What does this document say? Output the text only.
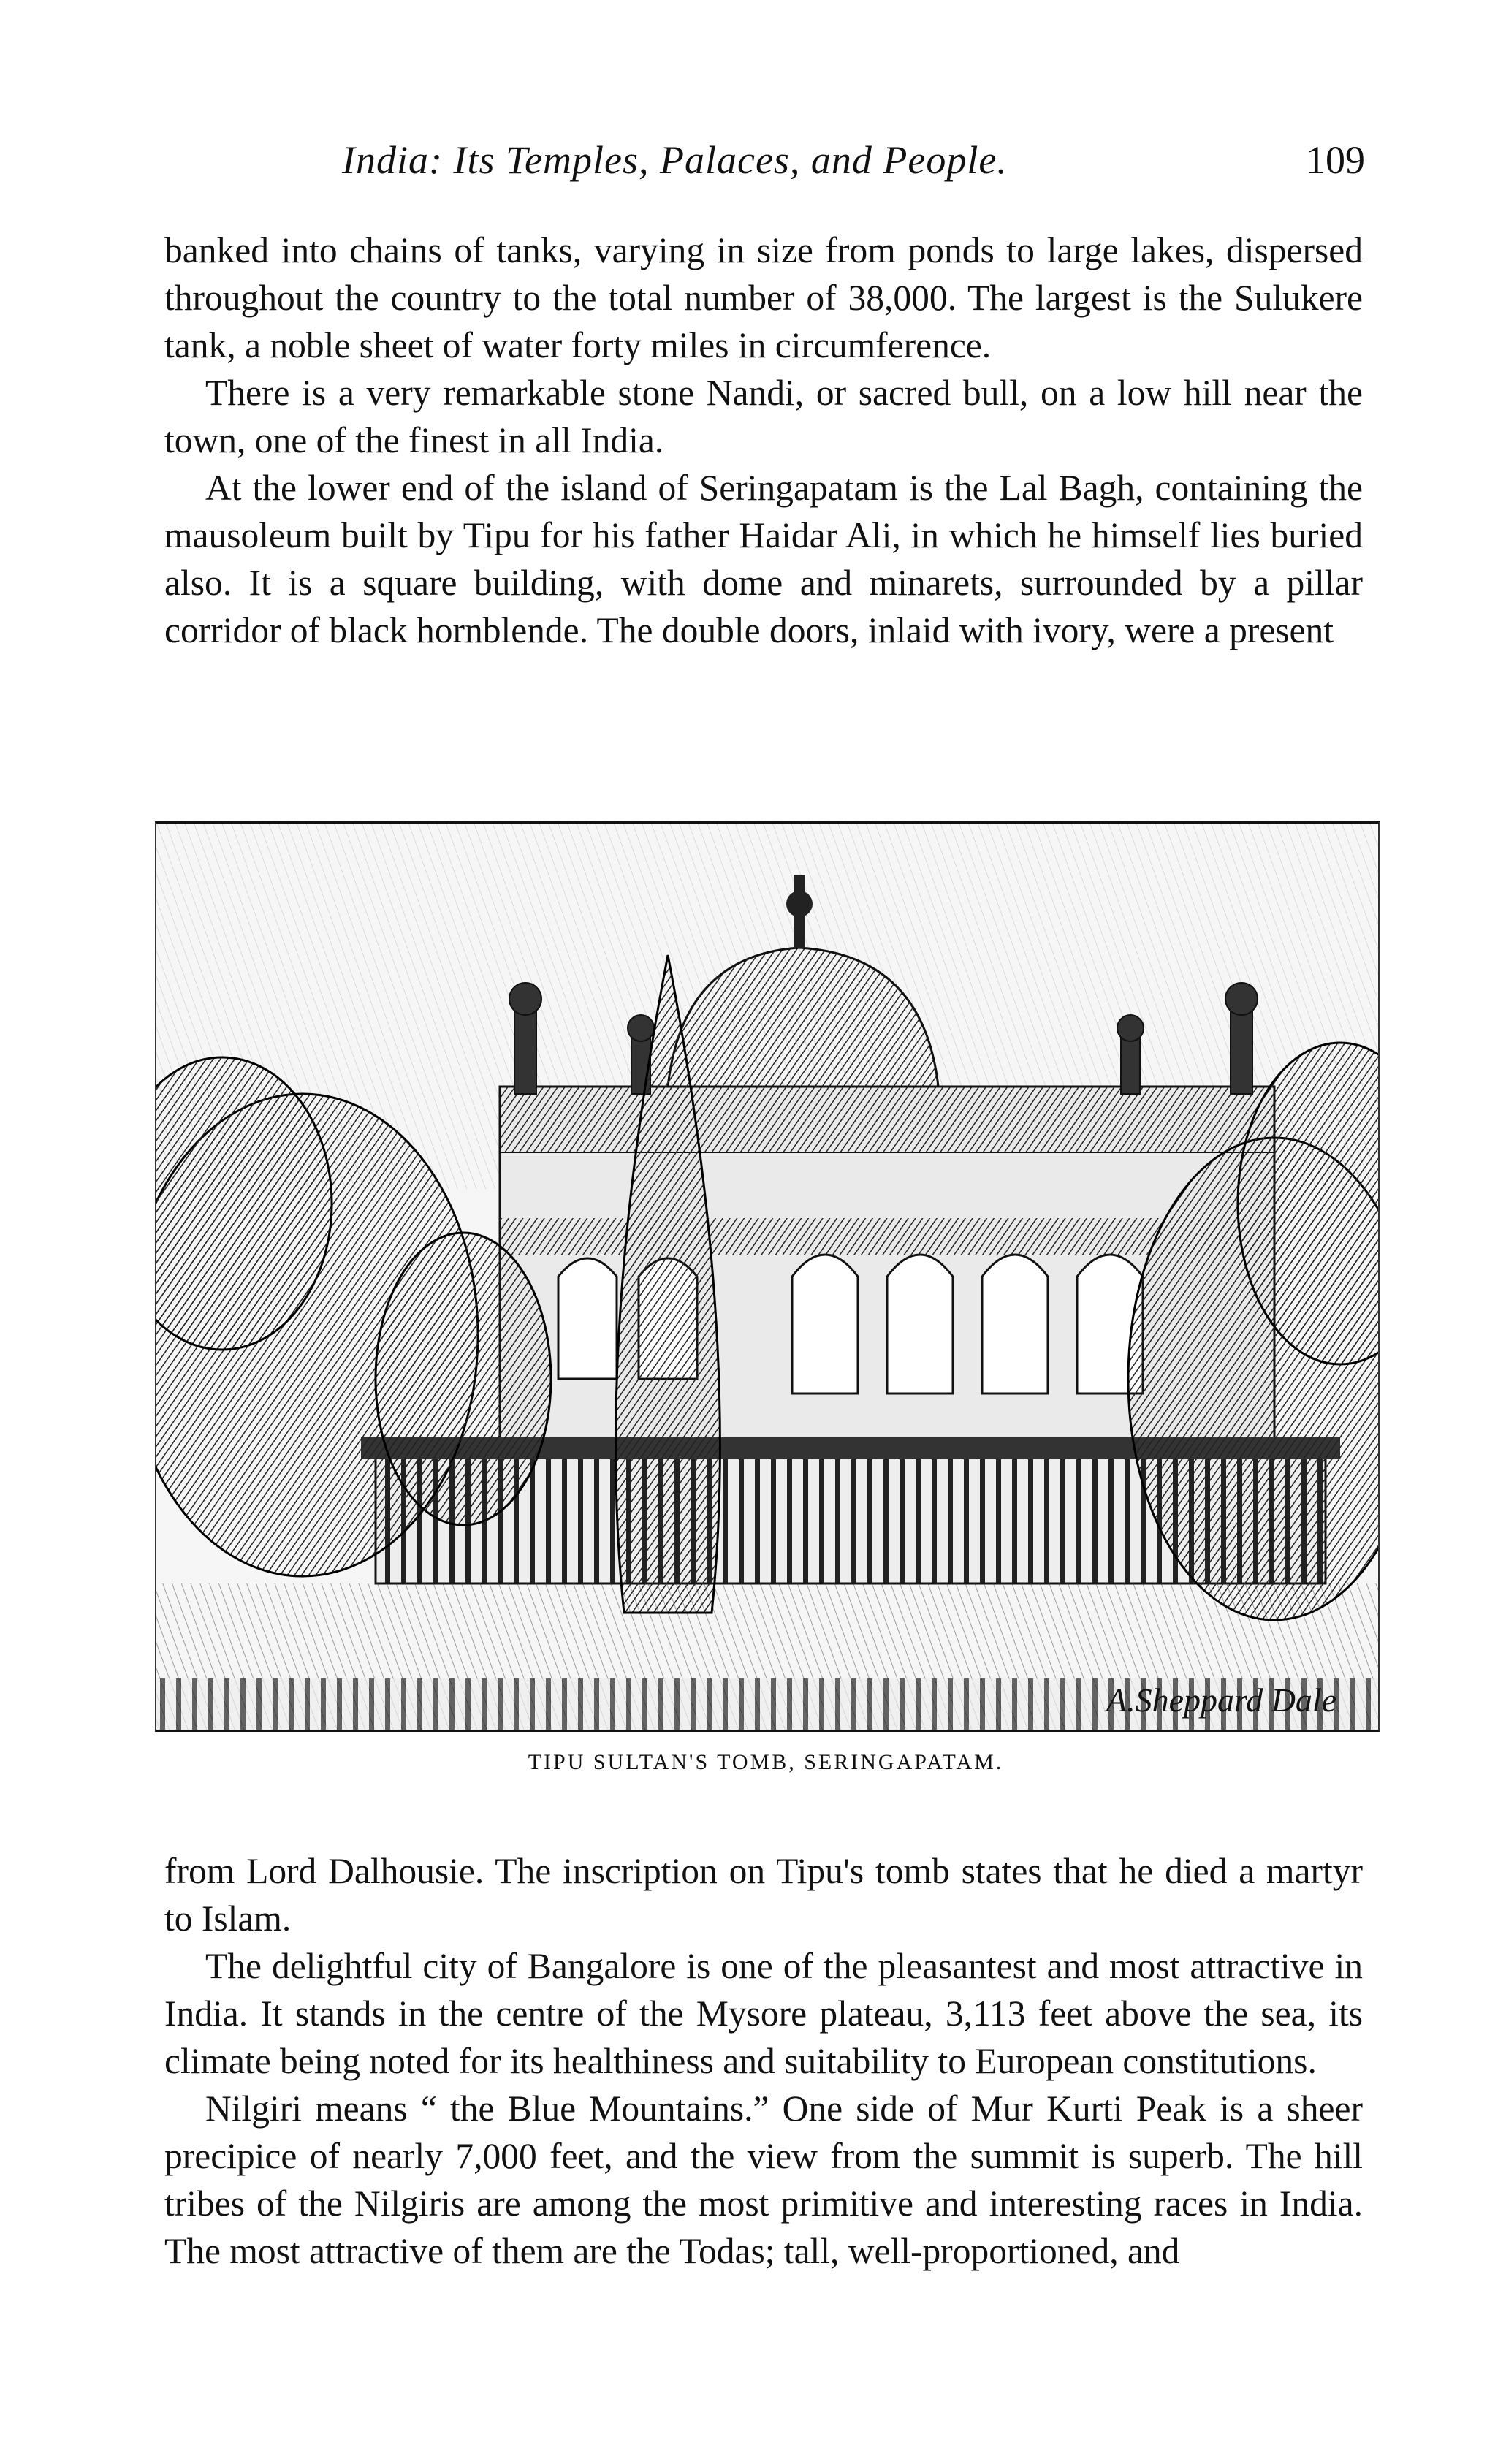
India: Its Temples, Palaces, and People.	109

banked into chains of tanks, varying in size from ponds to large lakes, dispersed throughout the country to the total number of 38,000. The largest is the Sulukere tank, a noble sheet of water forty miles in circumference.

There is a very remarkable stone Nandi, or sacred bull, on a low hill near the town, one of the finest in all India.

At the lower end of the island of Seringapatam is the Lal Bagh, containing the mausoleum built by Tipu for his father Haidar Ali, in which he himself lies buried also. It is a square building, with dome and minarets, surrounded by a pillar corridor of black hornblende. The double doors, inlaid with ivory, were a present

A.Sheppard Dale
TIPU SULTAN'S TOMB, SERINGAPATAM.

from Lord Dalhousie. The inscription on Tipu's tomb states that he died a martyr to Islam.

The delightful city of Bangalore is one of the pleasantest and most attractive in India. It stands in the centre of the Mysore plateau, 3,113 feet above the sea, its climate being noted for its healthiness and suitability to European constitutions.

Nilgiri means “ the Blue Mountains.” One side of Mur Kurti Peak is a sheer precipice of nearly 7,000 feet, and the view from the summit is superb. The hill tribes of the Nilgiris are among the most primitive and interesting races in India. The most attractive of them are the Todas; tall, well-proportioned, and
